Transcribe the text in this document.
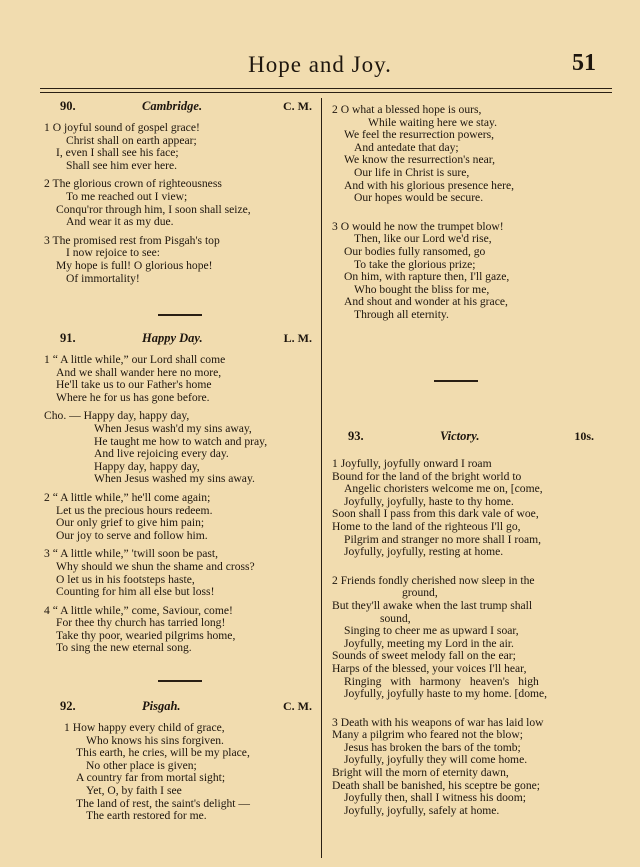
Hope and Joy.	51
90.	Cambridge.	C. M.
1 O joyful sound of gospel grace!
Christ shall on earth appear;
I, even I shall see his face;
Shall see him ever here.
2 The glorious crown of righteousness
To me reached out I view;
Conqu'ror through him, I soon shall seize,
And wear it as my due.
3 The promised rest from Pisgah's top
I now rejoice to see:
My hope is full! O glorious hope!
Of immortality!
91.	Happy Day.	L. M.
1 “ A little while,” our Lord shall come
And we shall wander here no more,
He'll take us to our Father's home
Where he for us has gone before.
Cho. — Happy day, happy day,
When Jesus wash'd my sins away,
He taught me how to watch and pray,
And live rejoicing every day.
Happy day, happy day,
When Jesus washed my sins away.
2 “ A little while,” he'll come again;
Let us the precious hours redeem.
Our only grief to give him pain;
Our joy to serve and follow him.
3 “ A little while,” 'twill soon be past,
Why should we shun the shame and cross?
O let us in his footsteps haste,
Counting for him all else but loss!
4 “ A little while,” come, Saviour, come!
For thee thy church has tarried long!
Take thy poor, wearied pilgrims home,
To sing the new eternal song.
92.	Pisgah.	C. M.
1 How happy every child of grace,
Who knows his sins forgiven.
This earth, he cries, will be my place,
No other place is given;
A country far from mortal sight;
Yet, O, by faith I see
The land of rest, the saint's delight —
The earth restored for me.
2 O what a blessed hope is ours,
While waiting here we stay.
We feel the resurrection powers,
And antedate that day;
We know the resurrection's near,
Our life in Christ is sure,
And with his glorious presence here,
Our hopes would be secure.
3 O would he now the trumpet blow!
Then, like our Lord we'd rise,
Our bodies fully ransomed, go
To take the glorious prize;
On him, with rapture then, I'll gaze,
Who bought the bliss for me,
And shout and wonder at his grace,
Through all eternity.
93.	Victory.	10s.
1 Joyfully, joyfully onward I roam
Bound for the land of the bright world to
Angelic choristers welcome me on, [come,
Joyfully, joyfully, haste to thy home.
Soon shall I pass from this dark vale of woe,
Home to the land of the righteous I'll go,
Pilgrim and stranger no more shall I roam,
Joyfully, joyfully, resting at home.
2 Friends fondly cherished now sleep in the
ground,
But they'll awake when the last trump shall
sound,
Singing to cheer me as upward I soar,
Joyfully, meeting my Lord in the air.
Sounds of sweet melody fall on the ear;
Harps of the blessed, your voices I'll hear,
Ringing with harmony heaven's high
Joyfully, joyfully haste to my home. [dome,
3 Death with his weapons of war has laid low
Many a pilgrim who feared not the blow;
Jesus has broken the bars of the tomb;
Joyfully, joyfully they will come home.
Bright will the morn of eternity dawn,
Death shall be banished, his sceptre be gone;
Joyfully then, shall I witness his doom;
Joyfully, joyfully, safely at home.
